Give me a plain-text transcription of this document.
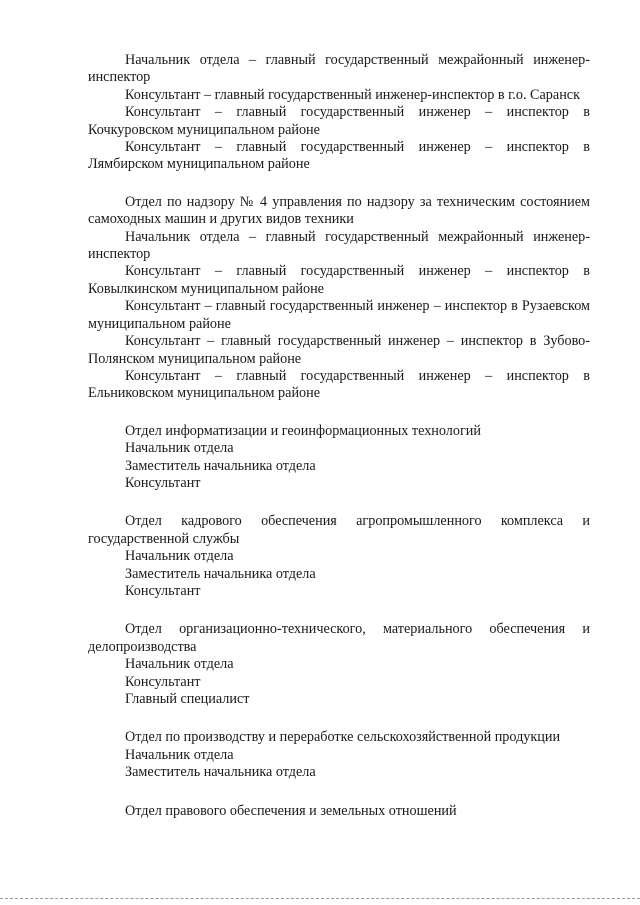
Начальник отдела – главный государственный межрайонный инженер-инспектор

Консультант – главный государственный инженер-инспектор в г.о. Саранск

Консультант – главный государственный инженер – инспектор в Кочкуровском муниципальном районе

Консультант – главный государственный инженер – инспектор в Лямбирском муниципальном районе

Отдел по надзору № 4 управления по надзору за техническим состоянием самоходных машин и других видов техники

Начальник отдела – главный государственный межрайонный инженер-инспектор

Консультант – главный государственный инженер – инспектор в Ковылкинском муниципальном районе

Консультант – главный государственный инженер – инспектор в Рузаевском муниципальном районе

Консультант – главный государственный инженер – инспектор в Зубово-Полянском муниципальном районе

Консультант – главный государственный инженер – инспектор в Ельниковском муниципальном районе

Отдел информатизации и геоинформационных технологий

Начальник отдела

Заместитель начальника отдела

Консультант

Отдел кадрового обеспечения агропромышленного комплекса и государственной службы

Начальник отдела

Заместитель начальника отдела

Консультант

Отдел организационно-технического, материального обеспечения и делопроизводства

Начальник отдела

Консультант

Главный специалист

Отдел по производству и переработке сельскохозяйственной продукции

Начальник отдела

Заместитель начальника отдела

Отдел правового обеспечения и земельных отношений
